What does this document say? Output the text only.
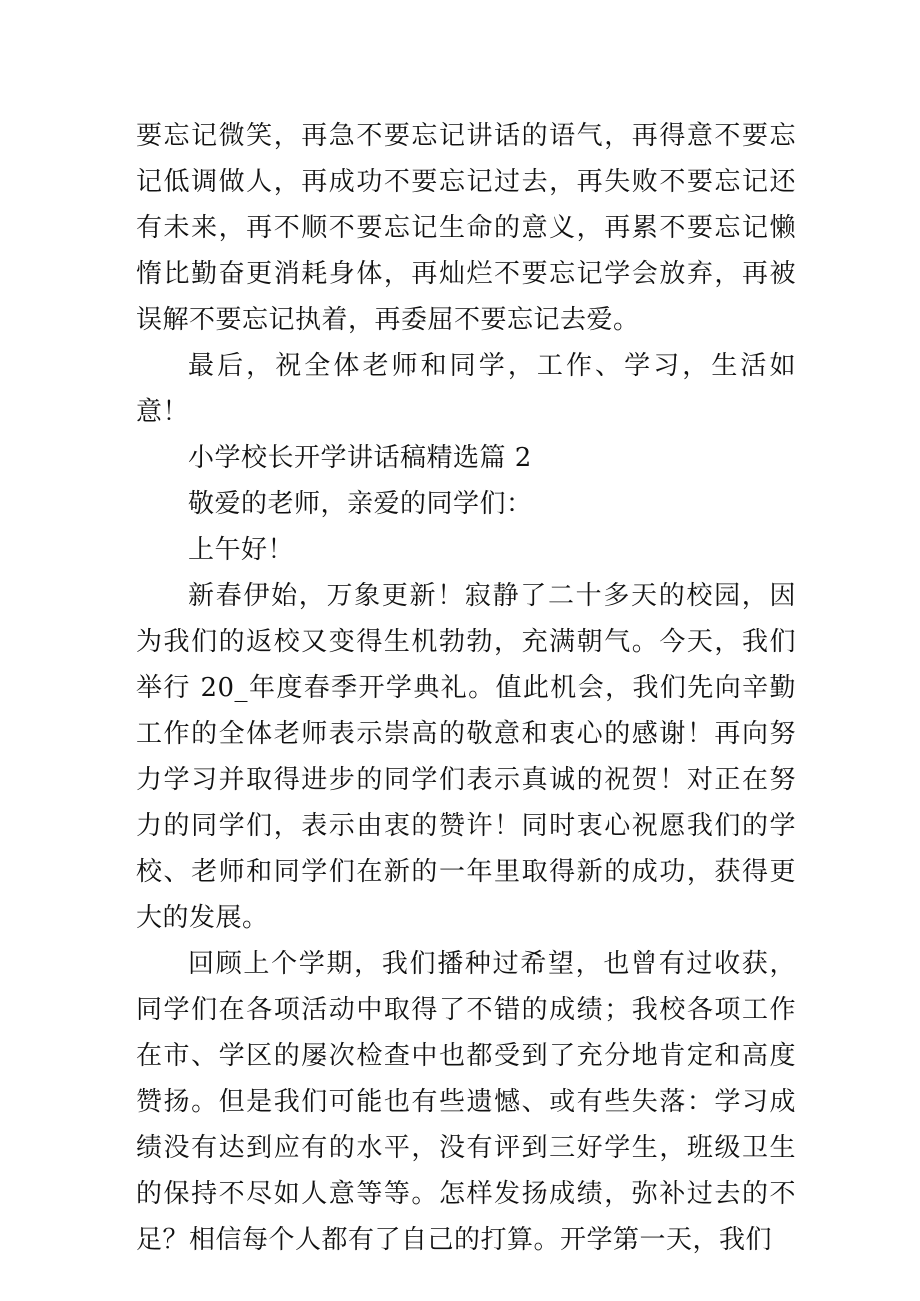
要忘记微笑，再急不要忘记讲话的语气，再得意不要忘记低调做人，再成功不要忘记过去，再失败不要忘记还有未来，再不顺不要忘记生命的意义，再累不要忘记懒惰比勤奋更消耗身体，再灿烂不要忘记学会放弃，再被误解不要忘记执着，再委屈不要忘记去爱。

最后，祝全体老师和同学，工作、学习，生活如意！

小学校长开学讲话稿精选篇 2

敬爱的老师，亲爱的同学们：

上午好！

新春伊始，万象更新！寂静了二十多天的校园，因为我们的返校又变得生机勃勃，充满朝气。今天，我们举行 20_年度春季开学典礼。值此机会，我们先向辛勤工作的全体老师表示崇高的敬意和衷心的感谢！再向努力学习并取得进步的同学们表示真诚的祝贺！对正在努力的同学们，表示由衷的赞许！同时衷心祝愿我们的学校、老师和同学们在新的一年里取得新的成功，获得更大的发展。

回顾上个学期，我们播种过希望，也曾有过收获，同学们在各项活动中取得了不错的成绩；我校各项工作在市、学区的屡次检查中也都受到了充分地肯定和高度赞扬。但是我们可能也有些遗憾、或有些失落：学习成绩没有达到应有的水平，没有评到三好学生，班级卫生的保持不尽如人意等等。怎样发扬成绩，弥补过去的不足？相信每个人都有了自己的打算。开学第一天，我们
